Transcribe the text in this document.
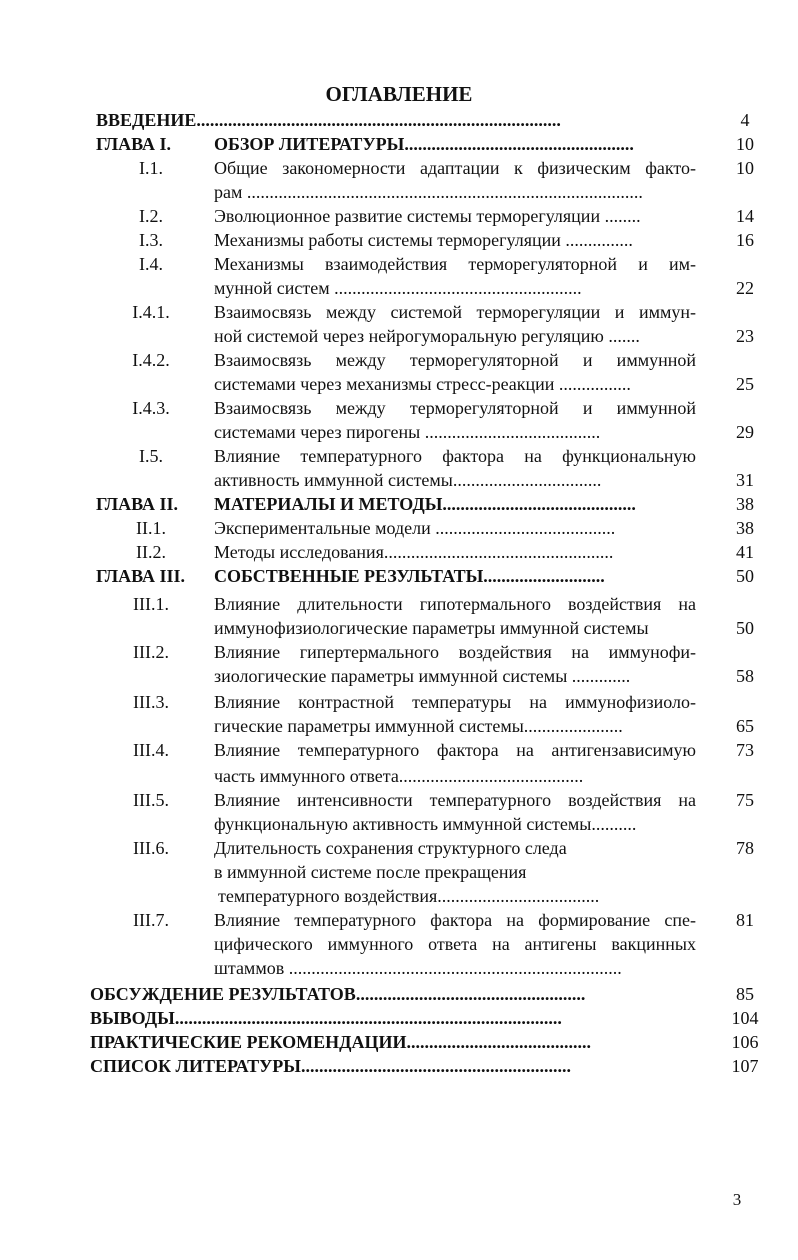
ОГЛАВЛЕНИЕ
ВВЕДЕНИЕ.................................................................................	4
ГЛАВА I.	ОБЗОР ЛИТЕРАТУРЫ...................................................	10
I.1.	Общие закономерности адаптации к физическим факто-	10
рам ........................................................................................
I.2.	Эволюционное развитие системы терморегуляции ........	14
I.3.	Механизмы работы системы терморегуляции ...............	16
I.4.	Механизмы взаимодействия терморегуляторной и им-
мунной систем .......................................................	22
I.4.1.	Взаимосвязь между системой терморегуляции и иммун-
ной системой через нейрогуморальную регуляцию .......	23
I.4.2.	Взаимосвязь между терморегуляторной и иммунной
системами через механизмы стресс-реакции ................	25
I.4.3.	Взаимосвязь между терморегуляторной и иммунной
системами через пирогены .......................................	29
I.5.	Влияние температурного фактора на функциональную
активность иммунной системы.................................	31
ГЛАВА II.	МАТЕРИАЛЫ И МЕТОДЫ...........................................	38
II.1.	Экспериментальные модели ........................................	38
II.2.	Методы исследования...................................................	41
ГЛАВА III.	СОБСТВЕННЫЕ РЕЗУЛЬТАТЫ...........................	50
III.1.	Влияние длительности гипотермального воздействия на
иммунофизиологические параметры иммунной системы	50
III.2.	Влияние гипертермального воздействия на иммунофи-
зиологические параметры иммунной системы .............	58
III.3.	Влияние контрастной температуры на иммунофизиоло-
гические параметры иммунной системы......................	65
III.4.	Влияние температурного фактора на антигензависимую	73
часть иммунного ответа.........................................
III.5.	Влияние интенсивности температурного воздействия на	75
функциональную активность иммунной системы..........
III.6.	Длительность сохранения структурного следа	78
в иммунной системе после прекращения
температурного воздействия....................................
III.7.	Влияние температурного фактора на формирование спе-	81
цифического иммунного ответа на антигены вакцинных
штаммов ..........................................................................
ОБСУЖДЕНИЕ РЕЗУЛЬТАТОВ...................................................	85
ВЫВОДЫ......................................................................................	104
ПРАКТИЧЕСКИЕ РЕКОМЕНДАЦИИ.........................................	106
СПИСОК ЛИТЕРАТУРЫ............................................................	107
3
